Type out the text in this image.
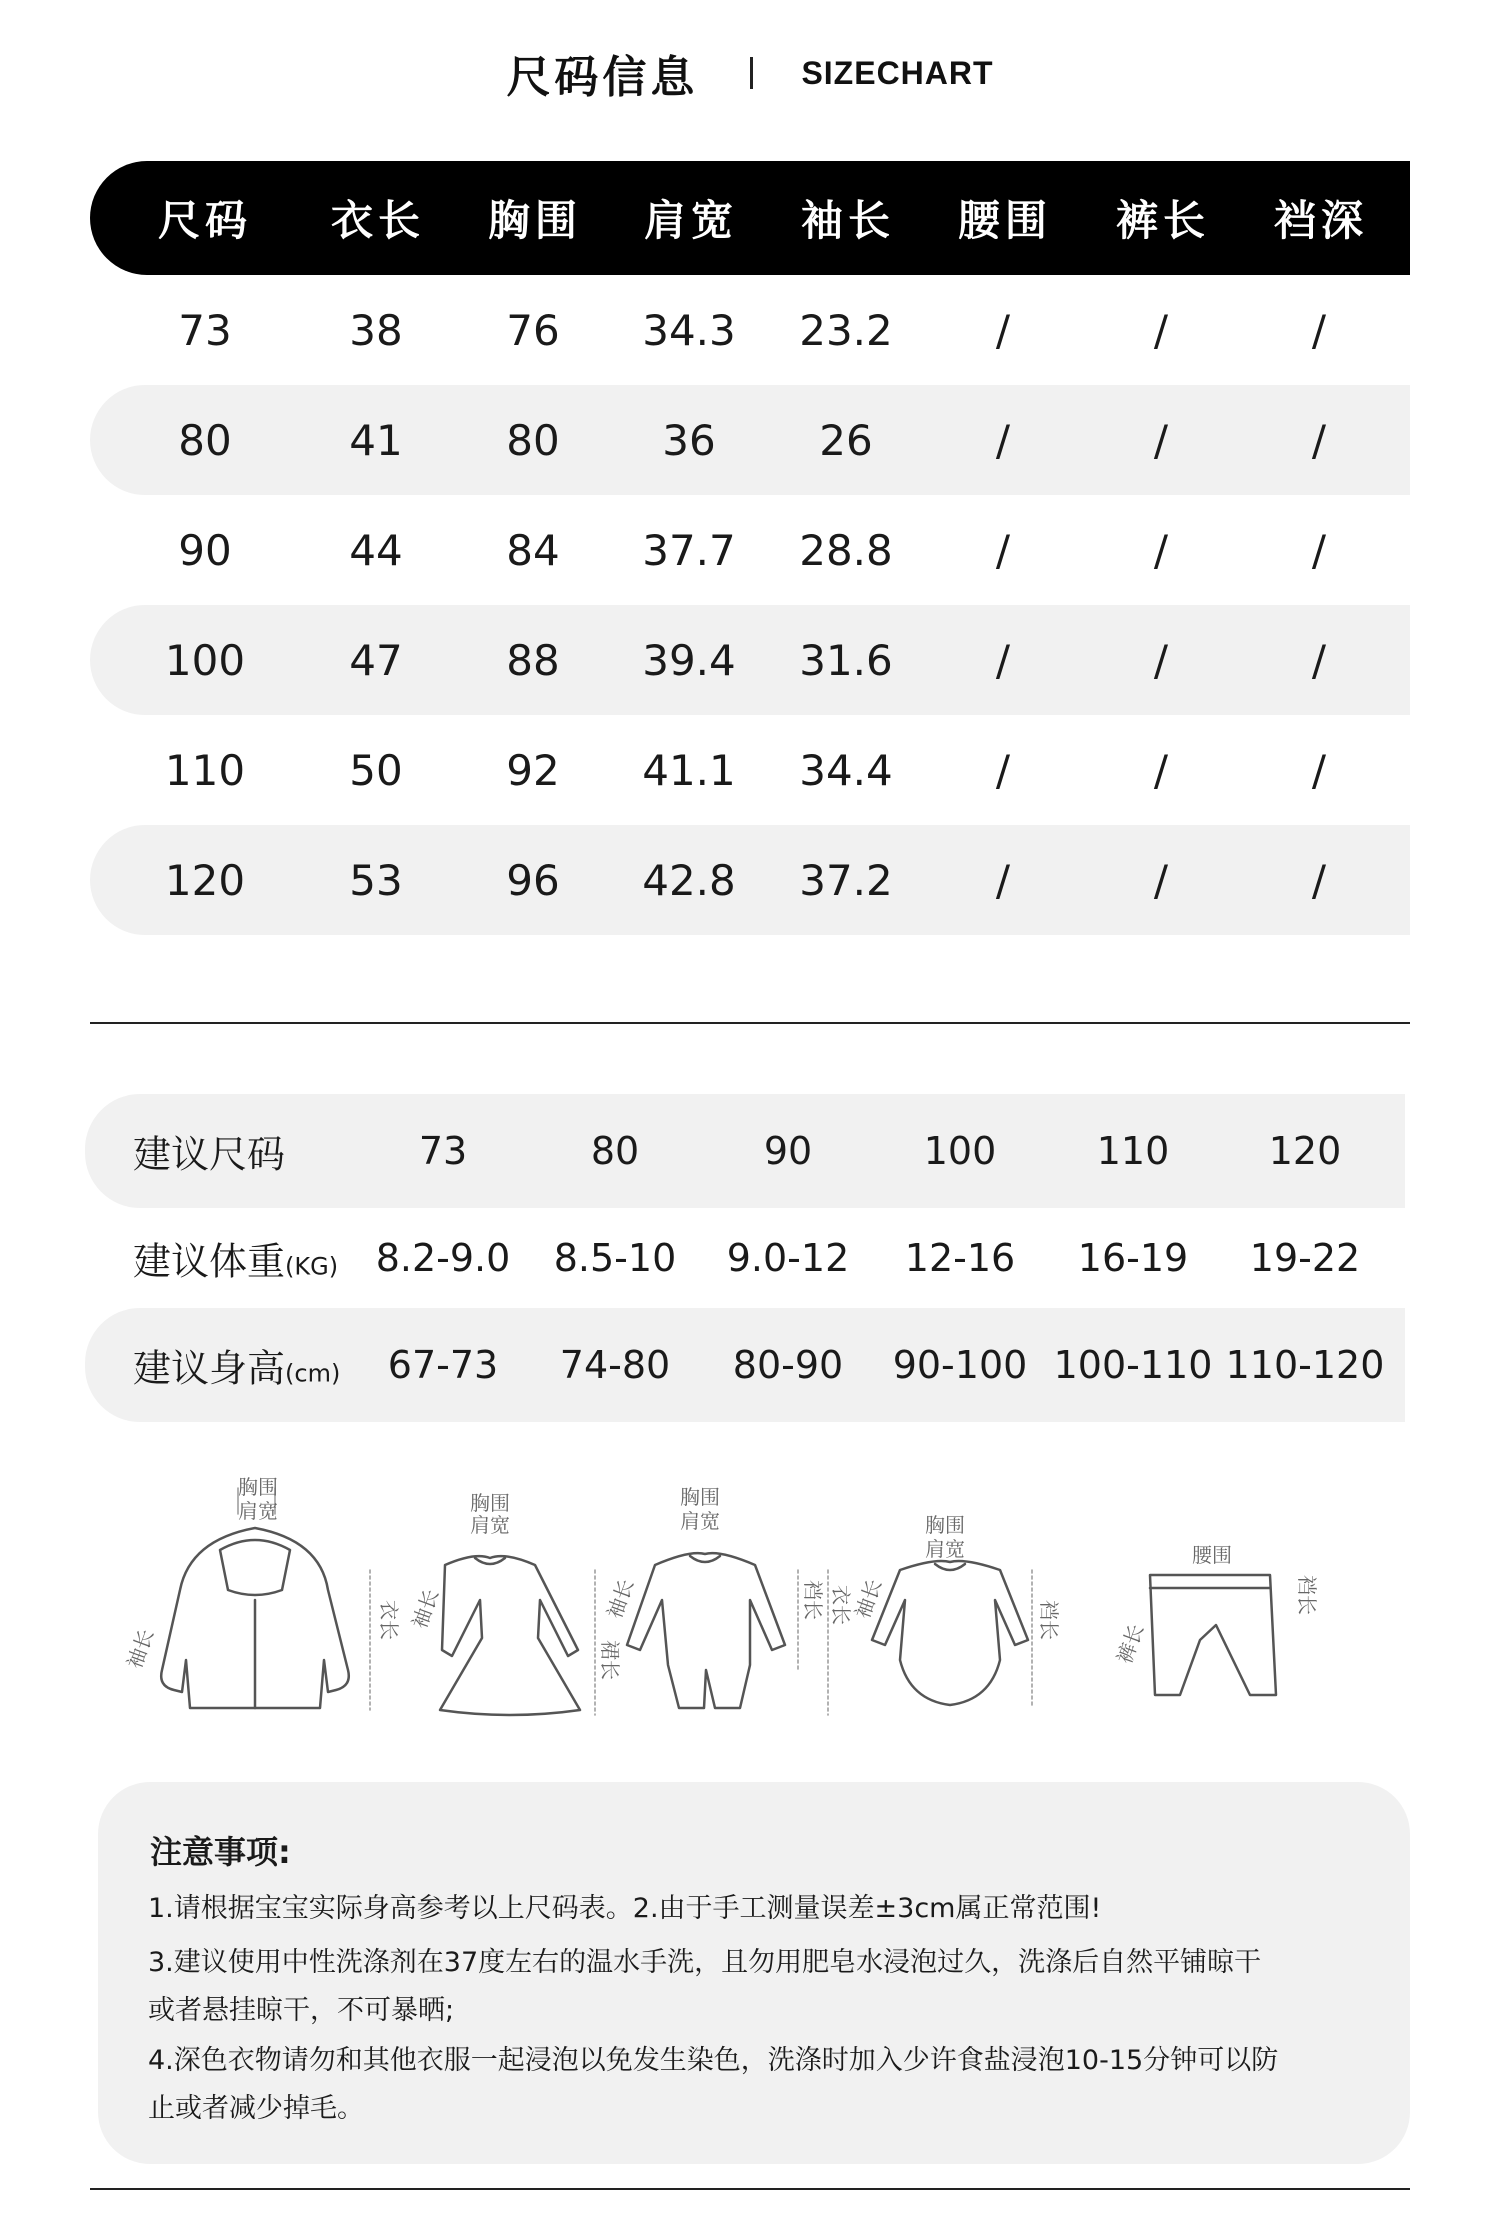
尺码信息	SIZECHART
尺码 衣长 胸围 肩宽 袖长 腰围 裤长 裆深
73	38 76 34.3 23.2 /	/	/
80	41 80 36 26	/	/	/
90	44 84 37.7 28.8 /	/	/
100 47 88 39.4 31.6 /	/	/
110 50 92 41.1 34.4 /	/	/
120 53 96 42.8 37.2 /	/	/
建议尺码	73	80	90	100	110	120
建议体重(KG) 8.2-9.0 8.5-10 9.0-12 12-16 16-19 19-22
建议身高(cm) 67-73 74-80 80-90 90-100 100-110 110-120
胸围
肩宽
袖长
衣长
胸围
肩宽
袖长
裙长
胸围
肩宽
袖长	裆长 衣长
胸围
肩宽
袖长	裆长
腰围
裤长
裆长
注意事项:
1.请根据宝宝实际身高参考以上尺码表。2.由于手工测量误差±3cm属正常范围!
3.建议使用中性洗涤剂在37度左右的温水手洗，且勿用肥皂水浸泡过久，洗涤后自然平铺晾干
或者悬挂晾干，不可暴晒;
4.深色衣物请勿和其他衣服一起浸泡以免发生染色，洗涤时加入少许食盐浸泡10-15分钟可以防
止或者减少掉毛。
